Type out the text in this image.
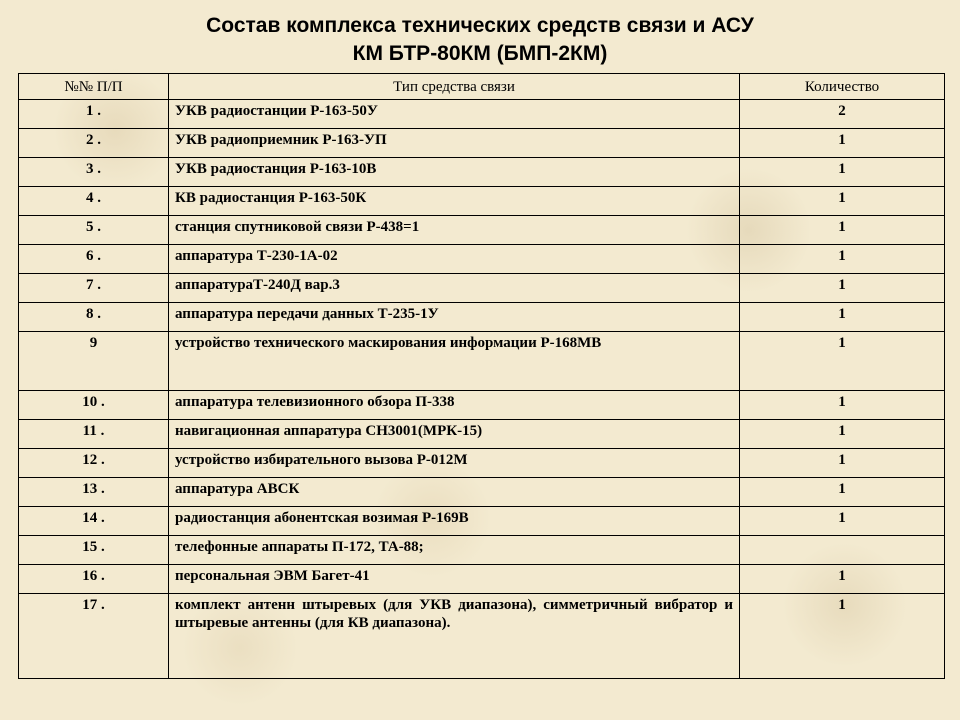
Состав комплекса технических средств связи и АСУ
КМ БТР-80КМ (БМП-2КМ)
№№ П/П	Тип средства связи	Количество
1 .	УКВ радиостанции Р-163-50У	2
2 .	УКВ радиоприемник Р-163-УП	1
3 .	УКВ радиостанция Р-163-10В	1
4 .	КВ радиостанция Р-163-50К	1
5 .	станция спутниковой связи Р-438=1	1
6 .	аппаратура Т-230-1А-02	1
7 .	аппаратураТ-240Д вар.3	1
8 .	аппаратура передачи данных Т-235-1У	1
9	устройство технического маскирования информации Р-168МВ	1
10 .	аппаратура телевизионного обзора П-338	1
11 .	навигационная аппаратура СН3001(МРК-15)	1
12 .	устройство избирательного вызова Р-012М	1
13 .	аппаратура АВСК	1
14 .	радиостанция абонентская возимая Р-169В	1
15 .	телефонные аппараты П-172, ТА-88;	
16 .	персональная ЭВМ Багет-41	1
17 .	комплект антенн штыревых (для УКВ диапазона), симметричный вибратор и штыревые антенны (для КВ диапазона).	1
